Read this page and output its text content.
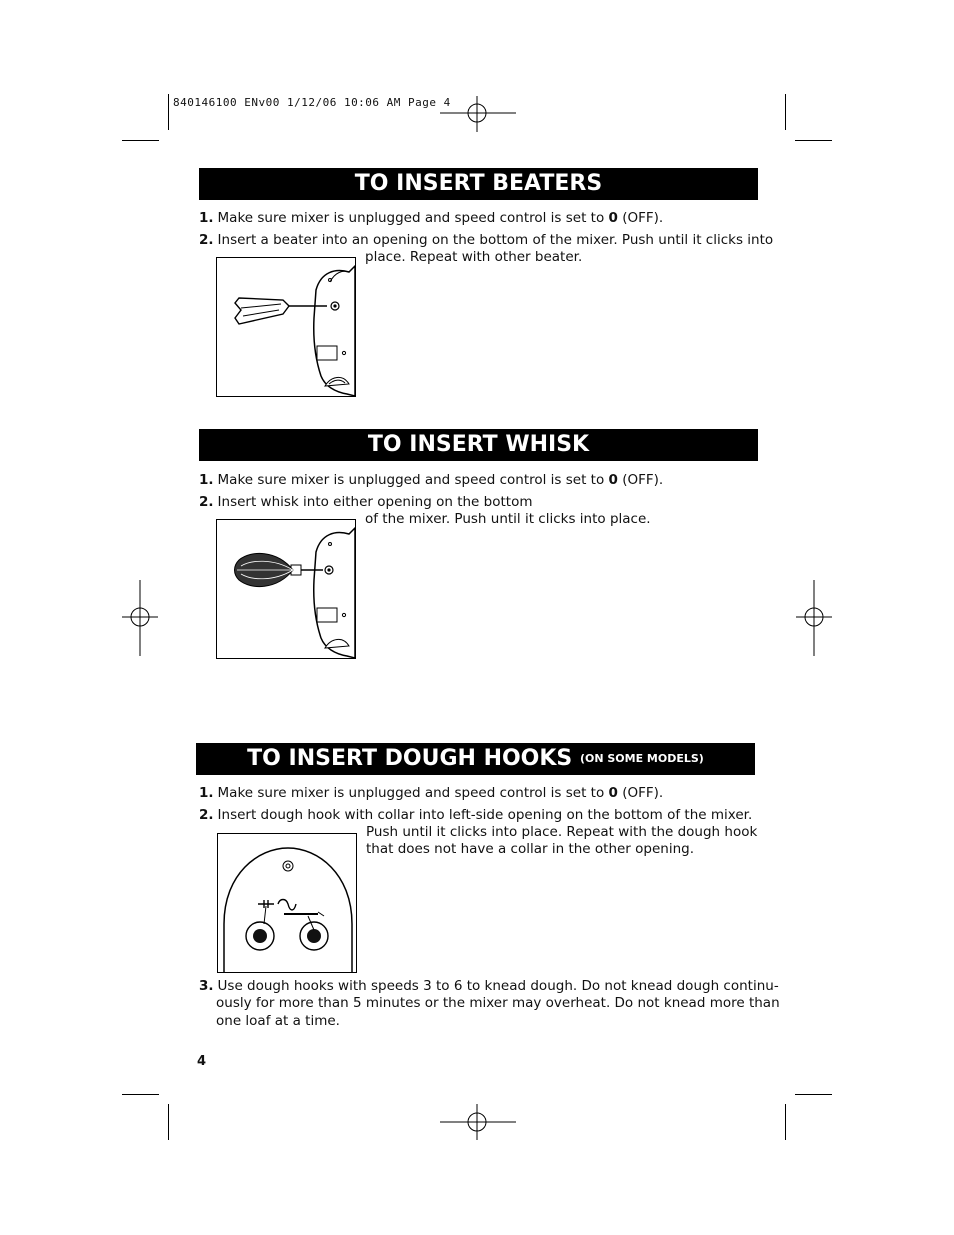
840146100 ENv00 1/12/06 10:06 AM Page 4
TO INSERT BEATERS
1. Make sure mixer is unplugged and speed control is set to 0 (OFF).
2. Insert a beater into an opening on the bottom of the mixer. Push until it clicks into
place. Repeat with other beater.
TO INSERT WHISK
1. Make sure mixer is unplugged and speed control is set to 0 (OFF).
2. Insert whisk into either opening on the bottom
of the mixer. Push until it clicks into place.
TO INSERT DOUGH HOOKS (ON SOME MODELS)
1. Make sure mixer is unplugged and speed control is set to 0 (OFF).
2. Insert dough hook with collar into left-side opening on the bottom of the mixer.
Push until it clicks into place. Repeat with the dough hook
that does not have a collar in the other opening.
3. Use dough hooks with speeds 3 to 6 to knead dough. Do not knead dough continu-
ously for more than 5 minutes or the mixer may overheat. Do not knead more than
one loaf at a time.
4
